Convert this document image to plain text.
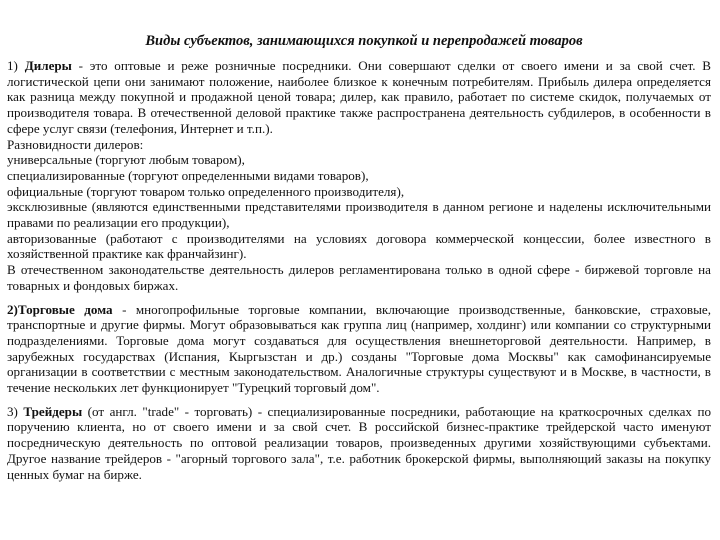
Виды субъектов, занимающихся покупкой и перепродажей товаров

1) Дилеры - это оптовые и реже розничные посредники. Они совершают сделки от своего имени и за свой счет. В логистической цепи они занимают положение, наиболее близкое к конечным потребителям. Прибыль дилера определяется как разница между покупной и продажной ценой товара; дилер, как правило, работает по системе скидок, получаемых от производителя товара. В отечественной деловой практике также распространена деятельность субдилеров, в особенности в сфере услуг связи (телефония, Интернет и т.п.).
Разновидности дилеров:
универсальные (торгуют любым товаром),
специализированные (торгуют определенными видами товаров),
официальные (торгуют товаром только определенного производителя),
эксклюзивные (являются единственными представителями производителя в данном регионе и наделены исключительными правами по реализации его продукции),
авторизованные (работают с производителями на условиях договора коммерческой концессии, более известного в хозяйственной практике как франчайзинг).
В отечественном законодательстве деятельность дилеров регламентирована только в одной сфере - биржевой торговле на товарных и фондовых биржах.
2)Торговые дома - многопрофильные торговые компании, включающие производственные, банковские, страховые, транспортные и другие фирмы. Могут образовываться как группа лиц (например, холдинг) или компании со структурными подразделениями. Торговые дома могут создаваться для осуществления внешнеторговой деятельности. Например, в зарубежных государствах (Испания, Кыргызстан и др.) созданы "Торговые дома Москвы" как самофинансируемые организации в соответствии с местным законодательством. Аналогичные структуры существуют и в Москве, в частности, в течение нескольких лет функционирует "Турецкий торговый дом".
3) Трейдеры (от англ. "trade" - торговать) - специализированные посредники, работающие на краткосрочных сделках по поручению клиента, но от своего имени и за свой счет. В российской бизнес-практике трейдерской часто именуют посредническую деятельность по оптовой реализации товаров, произведенных другими хозяйствующими субъектами. Другое название трейдеров - "агорный торгового зала", т.е. работник брокерской фирмы, выполняющий заказы на покупку ценных бумаг на бирже.
